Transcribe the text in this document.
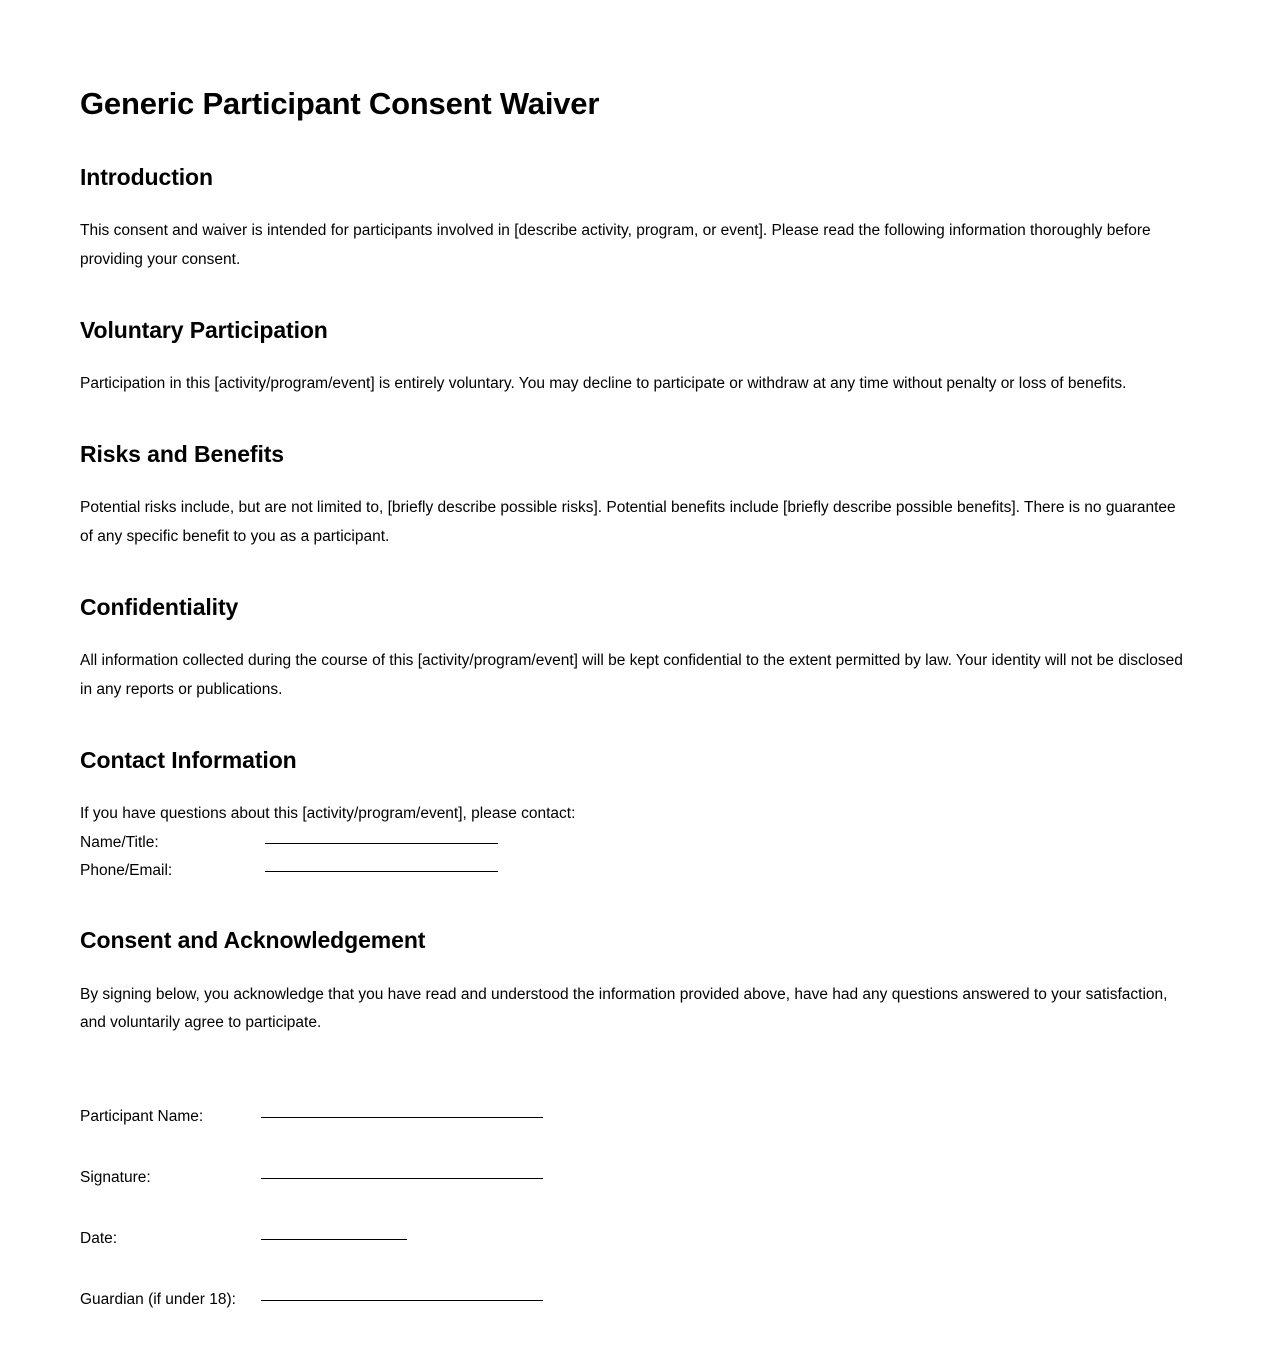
Generic Participant Consent Waiver
Introduction

This consent and waiver is intended for participants involved in [describe activity, program, or event]. Please read the following information thoroughly before providing your consent.

Voluntary Participation

Participation in this [activity/program/event] is entirely voluntary. You may decline to participate or withdraw at any time without penalty or loss of benefits.

Risks and Benefits

Potential risks include, but are not limited to, [briefly describe possible risks]. Potential benefits include [briefly describe possible benefits]. There is no guarantee of any specific benefit to you as a participant.

Confidentiality

All information collected during the course of this [activity/program/event] will be kept confidential to the extent permitted by law. Your identity will not be disclosed in any reports or publications.

Contact Information
If you have questions about this [activity/program/event], please contact:
Name/Title:
Phone/Email:
Consent and Acknowledgement

By signing below, you acknowledge that you have read and understood the information provided above, have had any questions answered to your satisfaction, and voluntarily agree to participate.

Participant Name:
Signature:
Date:
Guardian (if under 18):
